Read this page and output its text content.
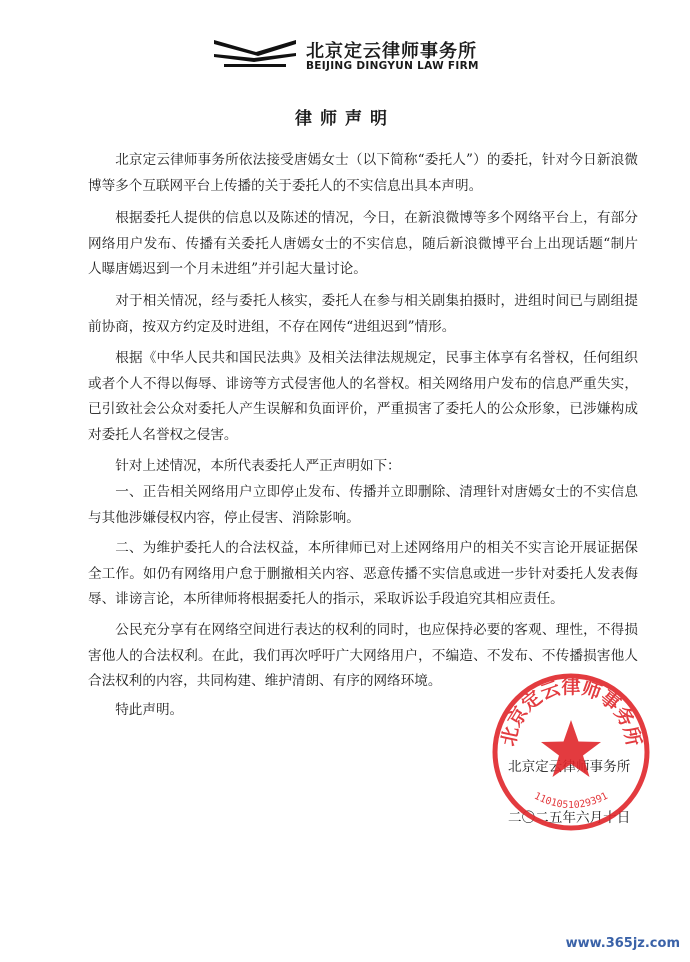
北京定云律师事务所
BEIJING DINGYUN LAW FIRM
律师声明

北京定云律师事务所依法接受唐嫣女士（以下简称“委托人”）的委托，针对今日新浪微博等多个互联网平台上传播的关于委托人的不实信息出具本声明。

根据委托人提供的信息以及陈述的情况，今日，在新浪微博等多个网络平台上，有部分网络用户发布、传播有关委托人唐嫣女士的不实信息，随后新浪微博平台上出现话题“制片人曝唐嫣迟到一个月未进组”并引起大量讨论。

对于相关情况，经与委托人核实，委托人在参与相关剧集拍摄时，进组时间已与剧组提前协商，按双方约定及时进组，不存在网传“进组迟到”情形。

根据《中华人民共和国民法典》及相关法律法规规定，民事主体享有名誉权，任何组织或者个人不得以侮辱、诽谤等方式侵害他人的名誉权。相关网络用户发布的信息严重失实，已引致社会公众对委托人产生误解和负面评价，严重损害了委托人的公众形象，已涉嫌构成对委托人名誉权之侵害。

针对上述情况，本所代表委托人严正声明如下：

一、正告相关网络用户立即停止发布、传播并立即删除、清理针对唐嫣女士的不实信息与其他涉嫌侵权内容，停止侵害、消除影响。

二、为维护委托人的合法权益，本所律师已对上述网络用户的相关不实言论开展证据保全工作。如仍有网络用户怠于删撤相关内容、恶意传播不实信息或进一步针对委托人发表侮辱、诽谤言论，本所律师将根据委托人的指示，采取诉讼手段追究其相应责任。

公民充分享有在网络空间进行表达的权利的同时，也应保持必要的客观、理性，不得损害他人的合法权利。在此，我们再次呼吁广大网络用户，不编造、不发布、不传播损害他人合法权利的内容，共同构建、维护清朗、有序的网络环境。

特此声明。

北京定云律师事务所
二〇二五年六月十日
北京定云律师事务所
1101051029391
www.365jz.com
